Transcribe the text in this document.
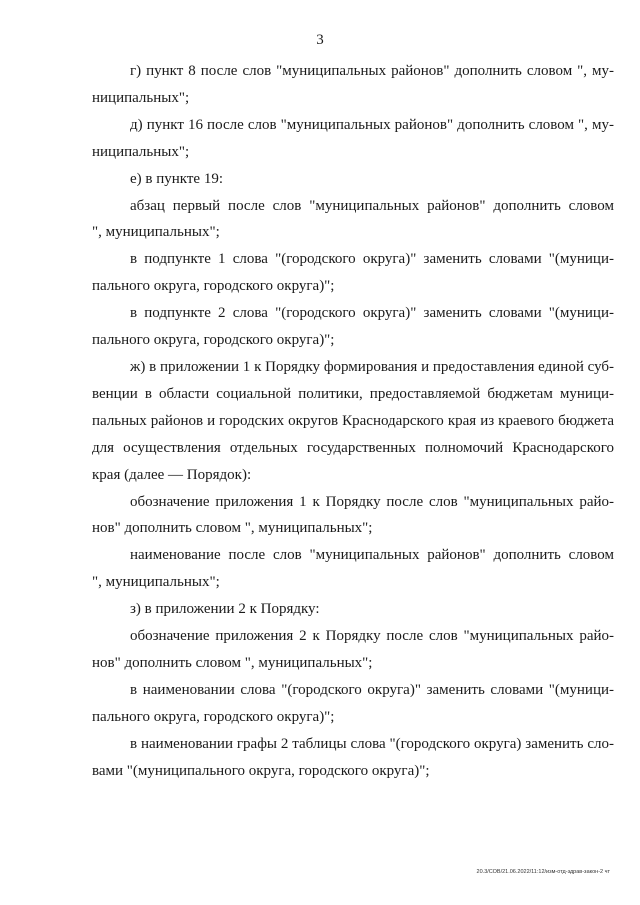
3
г) пункт 8 после слов "муниципальных районов" дополнить словом ", му-
ниципальных";
д) пункт 16 после слов "муниципальных районов" дополнить словом ", му-
ниципальных";
е) в пункте 19:
абзац первый после слов "муниципальных районов" дополнить словом
", муниципальных";
в подпункте 1 слова "(городского округа)" заменить словами "(муници-
пального округа, городского округа)";
в подпункте 2 слова "(городского округа)" заменить словами "(муници-
пального округа, городского округа)";
ж) в приложении 1 к Порядку формирования и предоставления единой суб-
венции в области социальной политики, предоставляемой бюджетам муници-
пальных районов и городских округов Краснодарского края из краевого бюджета
для осуществления отдельных государственных полномочий Краснодарского
края (далее — Порядок):
обозначение приложения 1 к Порядку после слов "муниципальных райо-
нов" дополнить словом ", муниципальных";
наименование после слов "муниципальных районов" дополнить словом
", муниципальных";
з) в приложении 2 к Порядку:
обозначение приложения 2 к Порядку после слов "муниципальных райо-
нов" дополнить словом ", муниципальных";
в наименовании слова "(городского округа)" заменить словами "(муници-
пального округа, городского округа)";
в наименовании графы 2 таблицы слова "(городского округа) заменить сло-
вами "(муниципального округа, городского округа)";
20.3/СОВ/21.06.2022/11:12/изм-отд-здрав-закон-2 чт
